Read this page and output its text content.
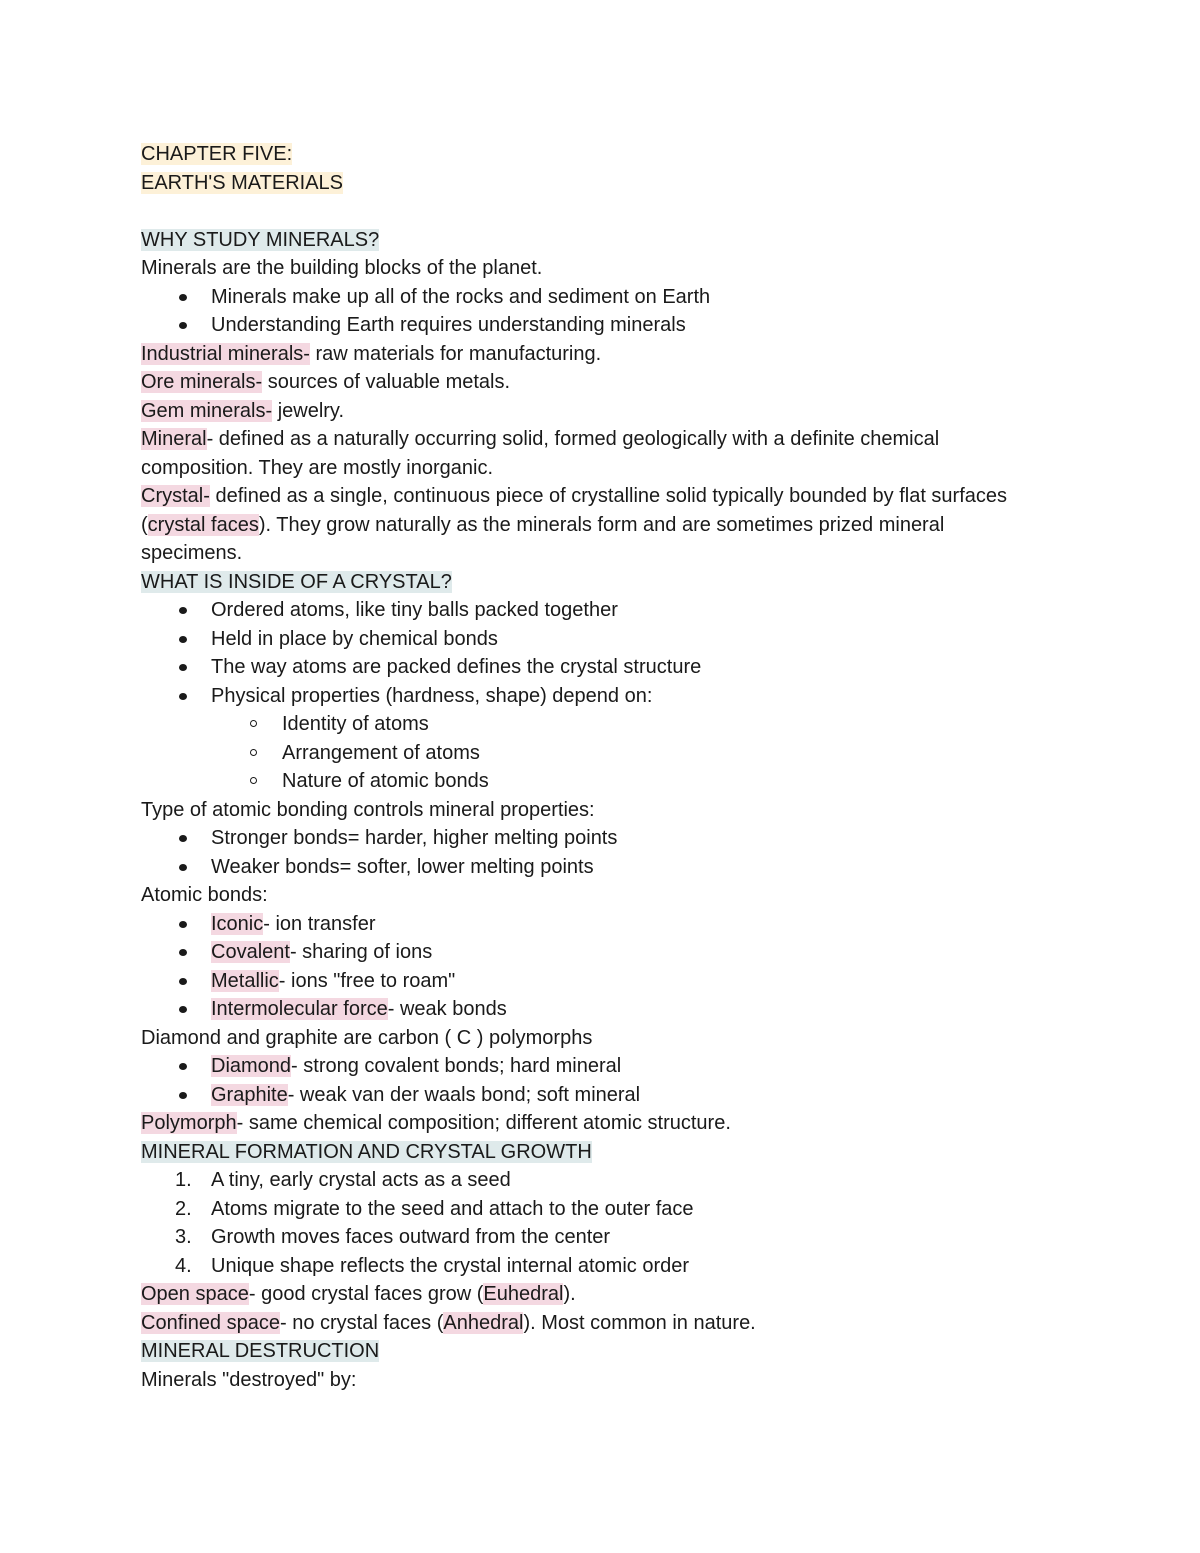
CHAPTER FIVE:
EARTH'S MATERIALS
WHY STUDY MINERALS?
Minerals are the building blocks of the planet.
Minerals make up all of the rocks and sediment on Earth
Understanding Earth requires understanding minerals
Industrial minerals- raw materials for manufacturing.
Ore minerals- sources of valuable metals.
Gem minerals- jewelry.
Mineral- defined as a naturally occurring solid, formed geologically with a definite chemical composition. They are mostly inorganic.
Crystal- defined as a single, continuous piece of crystalline solid typically bounded by flat surfaces (crystal faces). They grow naturally as the minerals form and are sometimes prized mineral specimens.
WHAT IS INSIDE OF A CRYSTAL?
Ordered atoms, like tiny balls packed together
Held in place by chemical bonds
The way atoms are packed defines the crystal structure
Physical properties (hardness, shape) depend on:
Identity of atoms
Arrangement of atoms
Nature of atomic bonds
Type of atomic bonding controls mineral properties:
Stronger bonds= harder, higher melting points
Weaker bonds= softer, lower melting points
Atomic bonds:
Iconic- ion transfer
Covalent- sharing of ions
Metallic- ions "free to roam"
Intermolecular force- weak bonds
Diamond and graphite are carbon ( C ) polymorphs
Diamond- strong covalent bonds; hard mineral
Graphite- weak van der waals bond; soft mineral
Polymorph- same chemical composition; different atomic structure.
MINERAL FORMATION AND CRYSTAL GROWTH
1. A tiny, early crystal acts as a seed
2. Atoms migrate to the seed and attach to the outer face
3. Growth moves faces outward from the center
4. Unique shape reflects the crystal internal atomic order
Open space- good crystal faces grow (Euhedral).
Confined space- no crystal faces (Anhedral). Most common in nature.
MINERAL DESTRUCTION
Minerals "destroyed" by:
